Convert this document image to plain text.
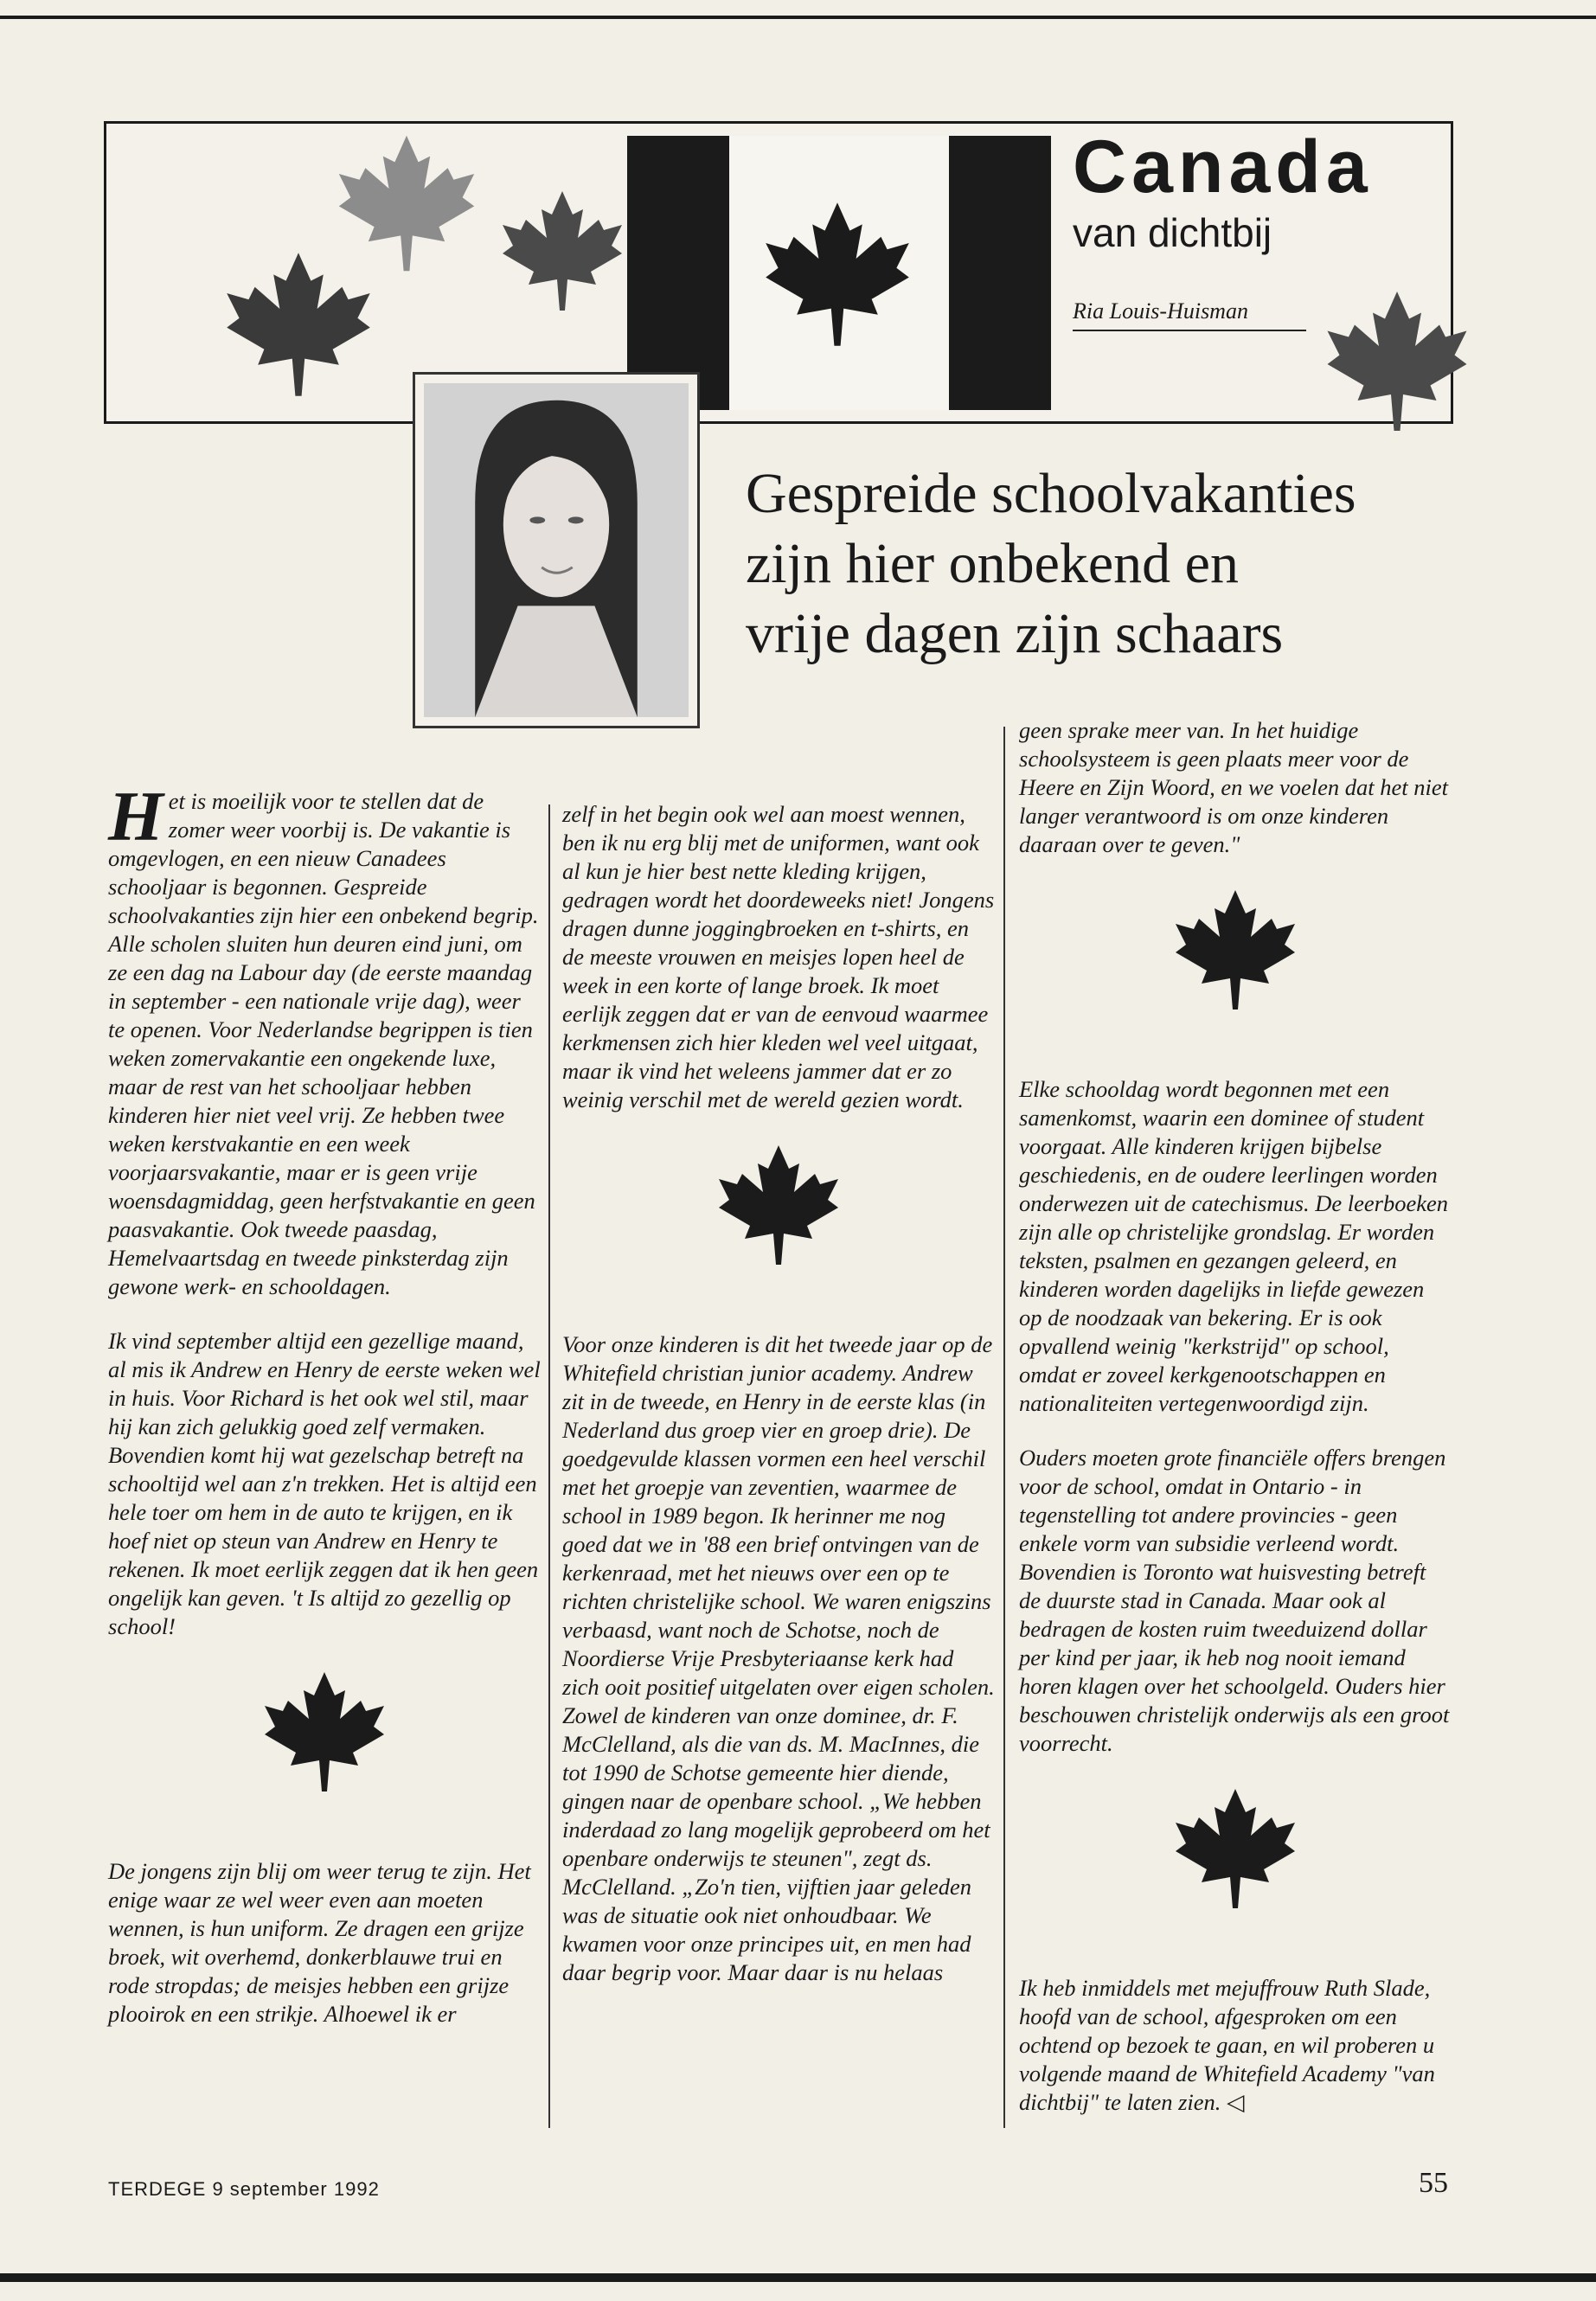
Canada
van dichtbij
Ria Louis-Huisman
Gespreide schoolvakanties
zijn hier onbekend en
vrije dagen zijn schaars

Het is moeilijk voor te stellen dat de zomer weer voorbij is. De vakantie is omgevlogen, en een nieuw Canadees schooljaar is begonnen. Gespreide schoolvakanties zijn hier een onbekend begrip. Alle scholen sluiten hun deuren eind juni, om ze een dag na Labour day (de eerste maandag in september - een nationale vrije dag), weer te openen. Voor Nederlandse begrippen is tien weken zomervakantie een ongekende luxe, maar de rest van het schooljaar hebben kinderen hier niet veel vrij. Ze hebben twee weken kerstvakantie en een week voorjaarsvakantie, maar er is geen vrije woensdagmiddag, geen herfstvakantie en geen paasvakantie. Ook tweede paasdag, Hemelvaartsdag en tweede pinksterdag zijn gewone werk- en schooldagen.

Ik vind september altijd een gezellige maand, al mis ik Andrew en Henry de eerste weken wel in huis. Voor Richard is het ook wel stil, maar hij kan zich gelukkig goed zelf vermaken. Bovendien komt hij wat gezelschap betreft na schooltijd wel aan z'n trekken. Het is altijd een hele toer om hem in de auto te krijgen, en ik hoef niet op steun van Andrew en Henry te rekenen. Ik moet eerlijk zeggen dat ik hen geen ongelijk kan geven. 't Is altijd zo gezellig op school!

De jongens zijn blij om weer terug te zijn. Het enige waar ze wel weer even aan moeten wennen, is hun uniform. Ze dragen een grijze broek, wit overhemd, donkerblauwe trui en rode stropdas; de meisjes hebben een grijze plooirok en een strikje. Alhoewel ik er

zelf in het begin ook wel aan moest wennen, ben ik nu erg blij met de uniformen, want ook al kun je hier best nette kleding krijgen, gedragen wordt het doordeweeks niet! Jongens dragen dunne joggingbroeken en t-shirts, en de meeste vrouwen en meisjes lopen heel de week in een korte of lange broek. Ik moet eerlijk zeggen dat er van de eenvoud waarmee kerkmensen zich hier kleden wel veel uitgaat, maar ik vind het weleens jammer dat er zo weinig verschil met de wereld gezien wordt.

Voor onze kinderen is dit het tweede jaar op de Whitefield christian junior academy. Andrew zit in de tweede, en Henry in de eerste klas (in Nederland dus groep vier en groep drie). De goedgevulde klassen vormen een heel verschil met het groepje van zeventien, waarmee de school in 1989 begon. Ik herinner me nog goed dat we in '88 een brief ontvingen van de kerkenraad, met het nieuws over een op te richten christelijke school. We waren enigszins verbaasd, want noch de Schotse, noch de Noordierse Vrije Presbyteriaanse kerk had zich ooit positief uitgelaten over eigen scholen. Zowel de kinderen van onze dominee, dr. F. McClelland, als die van ds. M. MacInnes, die tot 1990 de Schotse gemeente hier diende, gingen naar de openbare school. „We hebben inderdaad zo lang mogelijk geprobeerd om het openbare onderwijs te steunen", zegt ds. McClelland. „Zo'n tien, vijftien jaar geleden was de situatie ook niet onhoudbaar. We kwamen voor onze principes uit, en men had daar begrip voor. Maar daar is nu helaas

geen sprake meer van. In het huidige schoolsysteem is geen plaats meer voor de Heere en Zijn Woord, en we voelen dat het niet langer verantwoord is om onze kinderen daaraan over te geven."

Elke schooldag wordt begonnen met een samenkomst, waarin een dominee of student voorgaat. Alle kinderen krijgen bijbelse geschiedenis, en de oudere leerlingen worden onderwezen uit de catechismus. De leerboeken zijn alle op christelijke grondslag. Er worden teksten, psalmen en gezangen geleerd, en kinderen worden dagelijks in liefde gewezen op de noodzaak van bekering. Er is ook opvallend weinig "kerkstrijd" op school, omdat er zoveel kerkgenootschappen en nationaliteiten vertegenwoordigd zijn.

Ouders moeten grote financiële offers brengen voor de school, omdat in Ontario - in tegenstelling tot andere provincies - geen enkele vorm van subsidie verleend wordt. Bovendien is Toronto wat huisvesting betreft de duurste stad in Canada. Maar ook al bedragen de kosten ruim tweeduizend dollar per kind per jaar, ik heb nog nooit iemand horen klagen over het schoolgeld. Ouders hier beschouwen christelijk onderwijs als een groot voorrecht.

Ik heb inmiddels met mejuffrouw Ruth Slade, hoofd van de school, afgesproken om een ochtend op bezoek te gaan, en wil proberen u volgende maand de Whitefield Academy "van dichtbij" te laten zien. ◁

TERDEGE 9 september 1992	55
